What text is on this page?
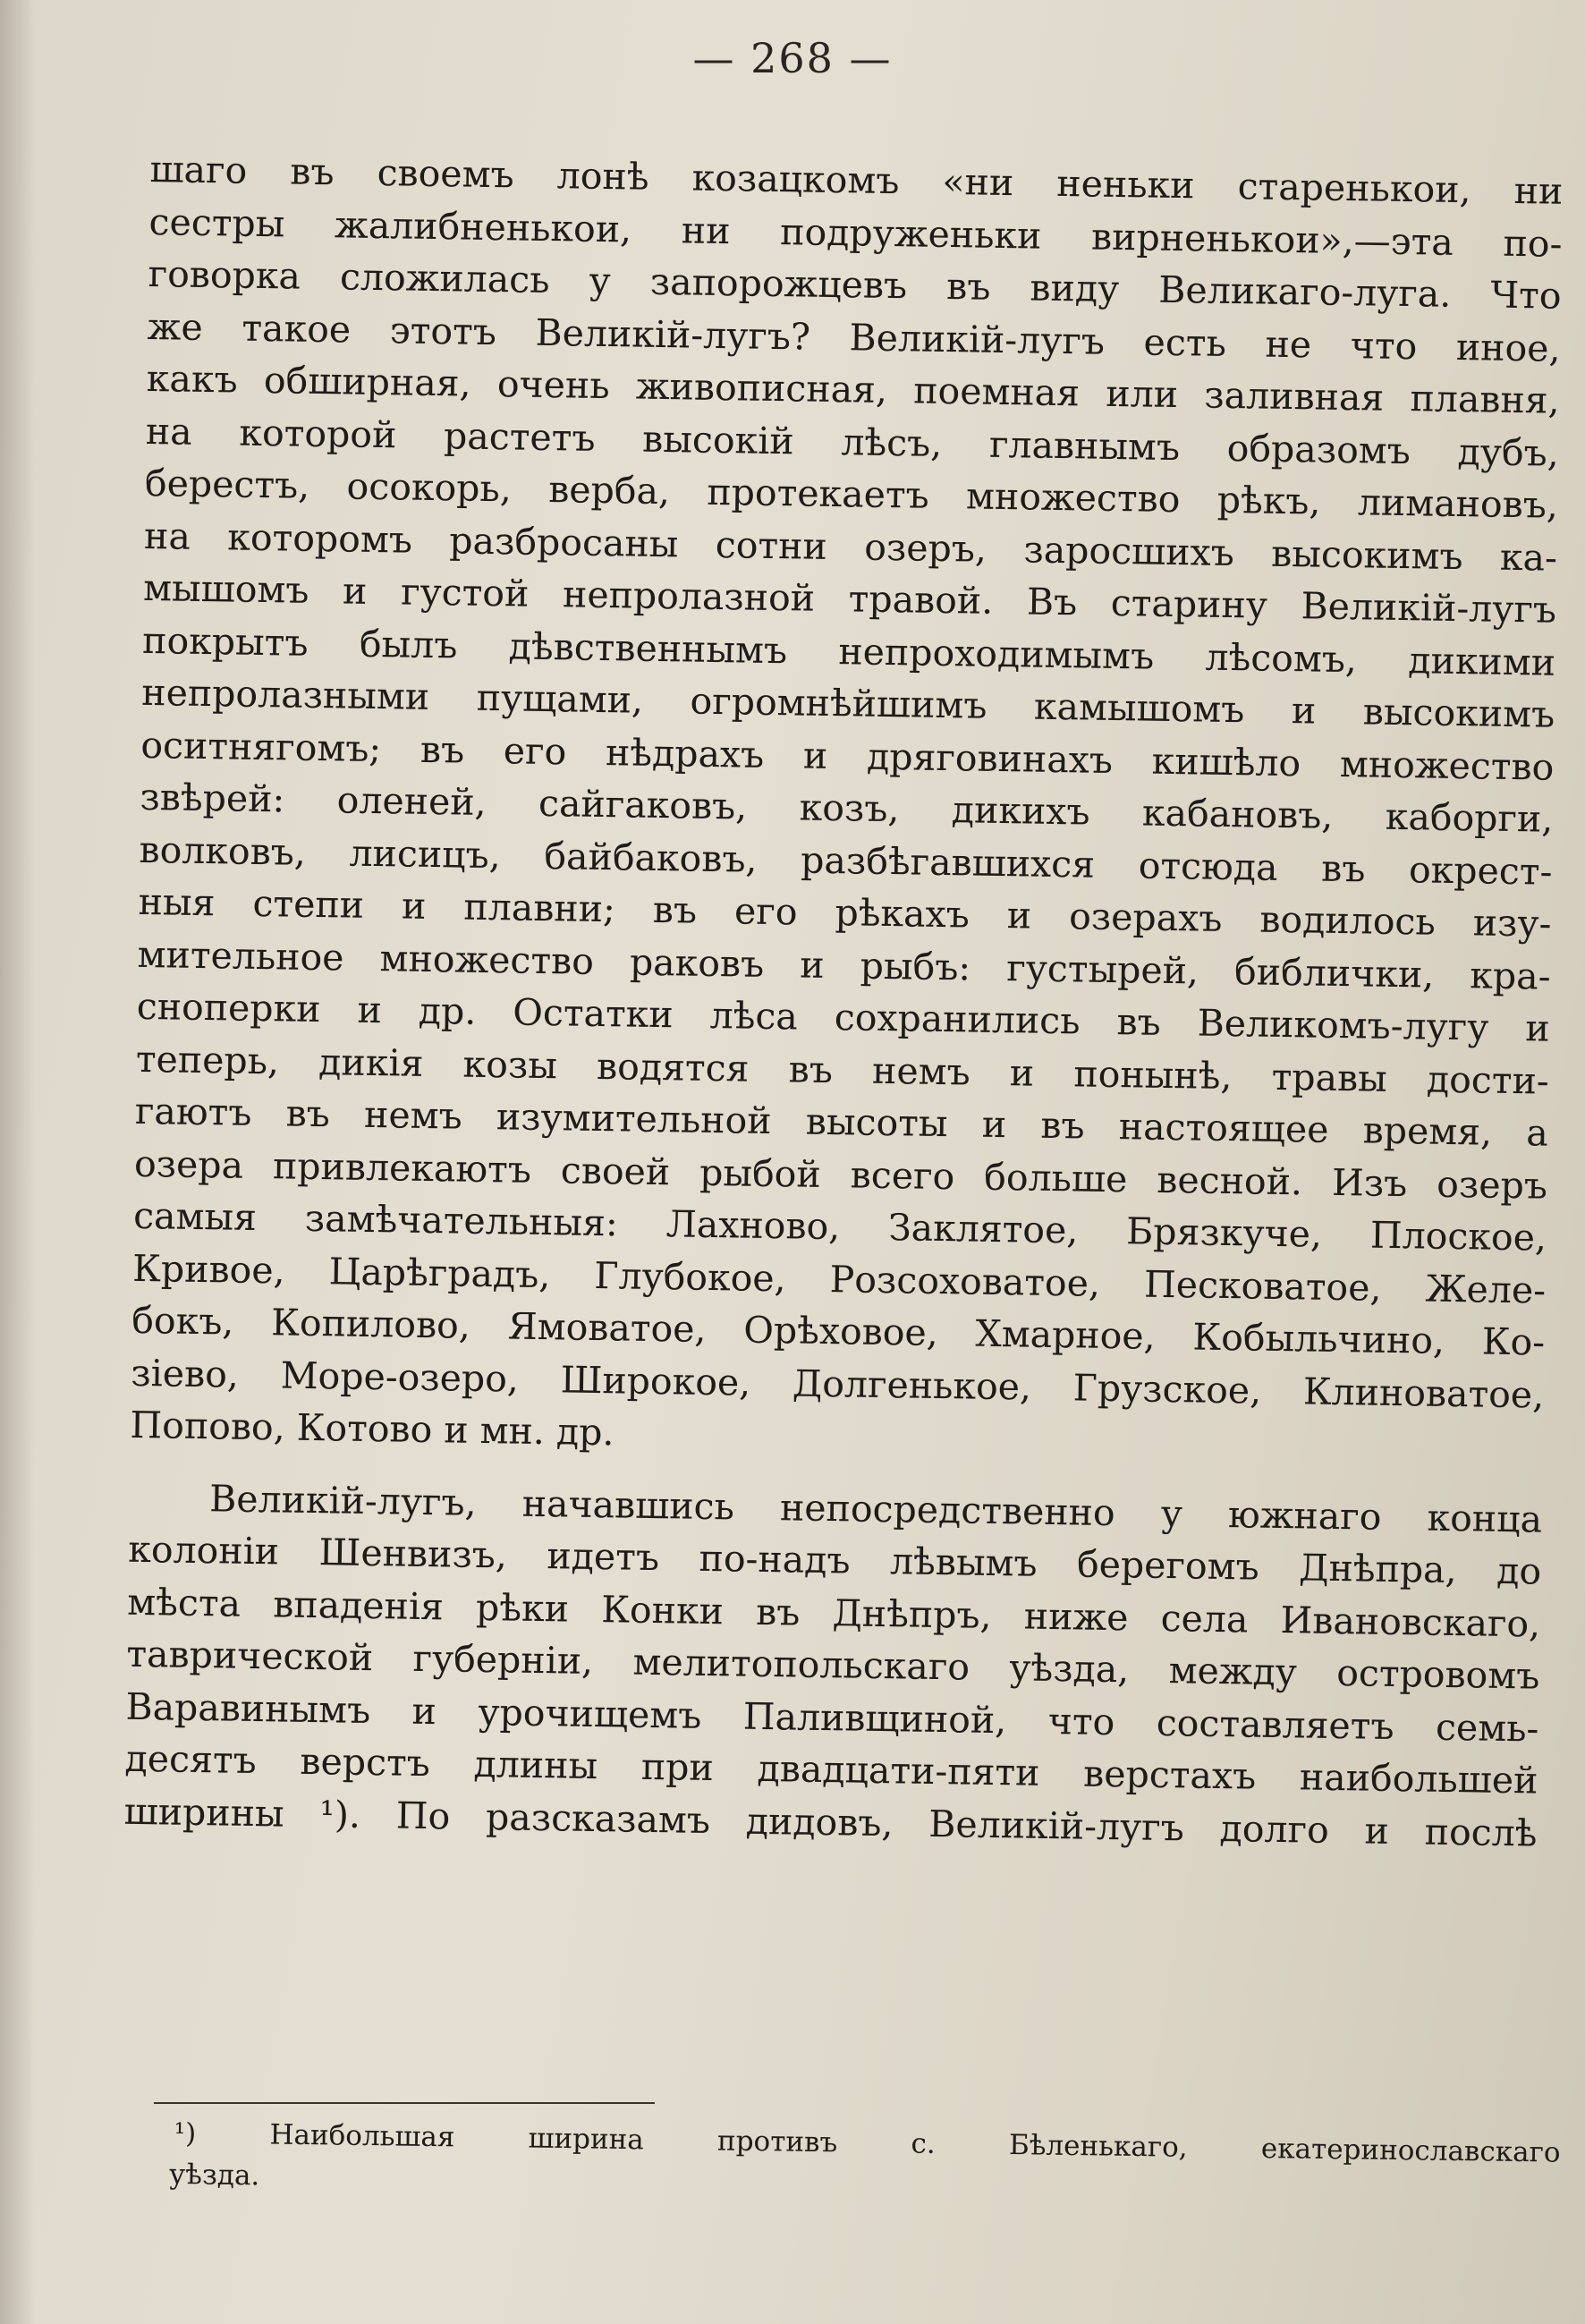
— 268 —
шаго въ своемъ лонѣ козацкомъ «ни неньки старенькои, ни
сестры жалибненькои, ни подруженьки вирненькои»,—эта по-
говорка сложилась у запорожцевъ въ виду Великаго-луга. Что
же такое этотъ Великій-лугъ? Великій-лугъ есть не что иное,
какъ обширная, очень живописная, поемная или заливная плавня,
на которой растетъ высокій лѣсъ, главнымъ образомъ дубъ,
берестъ, осокорь, верба, протекаетъ множество рѣкъ, лимановъ,
на которомъ разбросаны сотни озеръ, заросшихъ высокимъ ка-
мышомъ и густой непролазной травой. Въ старину Великій-лугъ
покрытъ былъ дѣвственнымъ непроходимымъ лѣсомъ, дикими
непролазными пущами, огромнѣйшимъ камышомъ и высокимъ
оситнягомъ; въ его нѣдрахъ и дряговинахъ кишѣло множество
звѣрей: оленей, сайгаковъ, козъ, дикихъ кабановъ, каборги,
волковъ, лисицъ, байбаковъ, разбѣгавшихся отсюда въ окрест-
ныя степи и плавни; въ его рѣкахъ и озерахъ водилось изу-
мительное множество раковъ и рыбъ: густырей, библички, кра-
сноперки и др. Остатки лѣса сохранились въ Великомъ-лугу и
теперь, дикія козы водятся въ немъ и понынѣ, травы дости-
гаютъ въ немъ изумительной высоты и въ настоящее время, а
озера привлекаютъ своей рыбой всего больше весной. Изъ озеръ
самыя замѣчательныя: Лахново, Заклятое, Брязкуче, Плоское,
Кривое, Царѣградъ, Глубокое, Розсоховатое, Песковатое, Желе-
бокъ, Копилово, Ямоватое, Орѣховое, Хмарное, Кобыльчино, Ко-
зіево, Море-озеро, Широкое, Долгенькое, Грузское, Клиноватое,
Попово, Котово и мн. др.
Великій-лугъ, начавшись непосредственно у южнаго конца
колоніи Шенвизъ, идетъ по-надъ лѣвымъ берегомъ Днѣпра, до
мѣста впаденія рѣки Конки въ Днѣпръ, ниже села Ивановскаго,
таврической губерніи, мелитопольскаго уѣзда, между островомъ
Варавинымъ и урочищемъ Паливщиной, что составляетъ семь-
десятъ верстъ длины при двадцати-пяти верстахъ наибольшей
ширины ¹). По разсказамъ дидовъ, Великій-лугъ долго и послѣ
¹) Наибольшая ширина противъ с. Бѣленькаго, екатеринославскаго
уѣзда.
